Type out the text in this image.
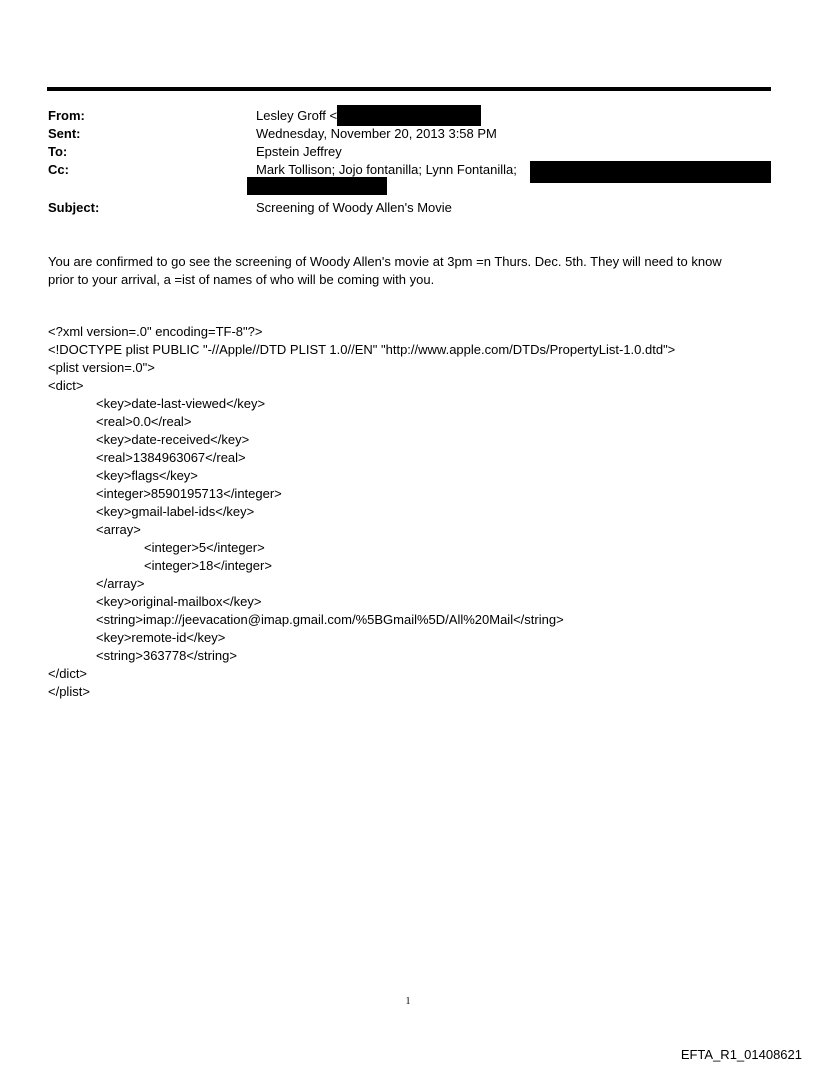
From:	Lesley Groff <
Sent:	Wednesday, November 20, 2013 3:58 PM
To:	Epstein Jeffrey
Cc:	Mark Tollison; Jojo fontanilla; Lynn Fontanilla;
Subject:	Screening of Woody Allen's Movie
You are confirmed to go see the screening of Woody Allen's movie at 3pm =n Thurs. Dec. 5th. They will need to know
prior to your arrival, a =ist of names of who will be coming with you.
<?xml version=.0" encoding=TF-8"?>
<!DOCTYPE plist PUBLIC "-//Apple//DTD PLIST 1.0//EN" "http://www.apple.com/DTDs/PropertyList-1.0.dtd">
<plist version=.0">
<dict>
<key>date-last-viewed</key>
<real>0.0</real>
<key>date-received</key>
<real>1384963067</real>
<key>flags</key>
<integer>8590195713</integer>
<key>gmail-label-ids</key>
<array>
<integer>5</integer>
<integer>18</integer>
</array>
<key>original-mailbox</key>
<string>imap://jeevacation@imap.gmail.com/%5BGmail%5D/All%20Mail</string>
<key>remote-id</key>
<string>363778</string>
</dict>
</plist>
1
EFTA_R1_01408621
